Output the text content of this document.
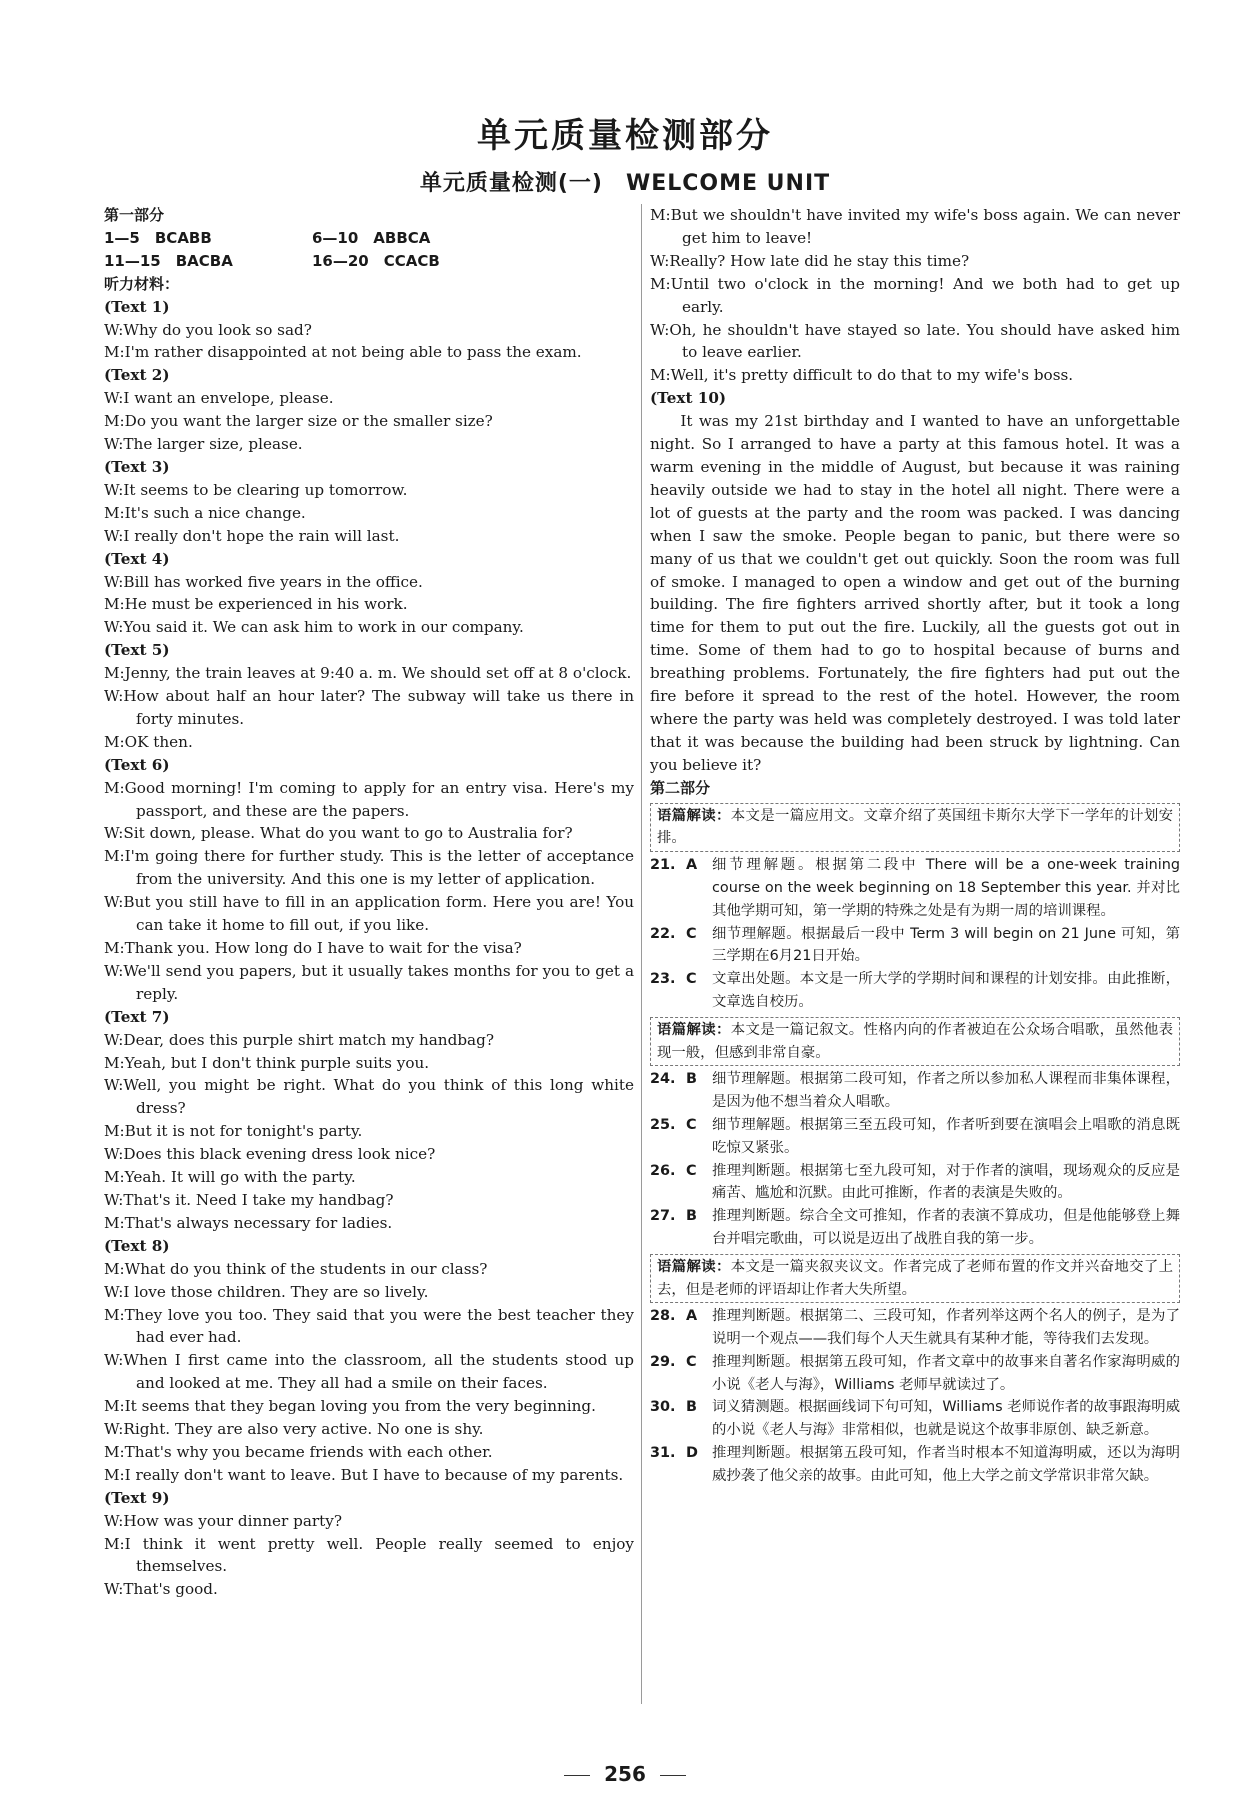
单元质量检测部分
单元质量检测(一)　WELCOME UNIT
第一部分
1—5　BCABB	6—10　ABBCA
11—15　BACBA	16—20　CCACB
听力材料：
(Text 1)
W:Why do you look so sad?
M:I'm rather disappointed at not being able to pass the exam.
(Text 2)
W:I want an envelope, please.
M:Do you want the larger size or the smaller size?
W:The larger size, please.
(Text 3)
W:It seems to be clearing up tomorrow.
M:It's such a nice change.
W:I really don't hope the rain will last.
(Text 4)
W:Bill has worked five years in the office.
M:He must be experienced in his work.
W:You said it. We can ask him to work in our company.
(Text 5)
M:Jenny, the train leaves at 9:40 a. m. We should set off at 8 o'clock.
W:How about half an hour later? The subway will take us there in forty minutes.
M:OK then.
(Text 6)
M:Good morning! I'm coming to apply for an entry visa. Here's my passport, and these are the papers.
W:Sit down, please. What do you want to go to Australia for?
M:I'm going there for further study. This is the letter of acceptance from the university. And this one is my letter of application.
W:But you still have to fill in an application form. Here you are! You can take it home to fill out, if you like.
M:Thank you. How long do I have to wait for the visa?
W:We'll send you papers, but it usually takes months for you to get a reply.
(Text 7)
W:Dear, does this purple shirt match my handbag?
M:Yeah, but I don't think purple suits you.
W:Well, you might be right. What do you think of this long white dress?
M:But it is not for tonight's party.
W:Does this black evening dress look nice?
M:Yeah. It will go with the party.
W:That's it. Need I take my handbag?
M:That's always necessary for ladies.
(Text 8)
M:What do you think of the students in our class?
W:I love those children. They are so lively.
M:They love you too. They said that you were the best teacher they had ever had.
W:When I first came into the classroom, all the students stood up and looked at me. They all had a smile on their faces.
M:It seems that they began loving you from the very beginning.
W:Right. They are also very active. No one is shy.
M:That's why you became friends with each other.
M:I really don't want to leave. But I have to because of my parents.
(Text 9)
W:How was your dinner party?
M:I think it went pretty well. People really seemed to enjoy themselves.
W:That's good.
M:But we shouldn't have invited my wife's boss again. We can never get him to leave!
W:Really? How late did he stay this time?
M:Until two o'clock in the morning! And we both had to get up early.
W:Oh, he shouldn't have stayed so late. You should have asked him to leave earlier.
M:Well, it's pretty difficult to do that to my wife's boss.
(Text 10)
It was my 21st birthday and I wanted to have an unforgettable night. So I arranged to have a party at this famous hotel. It was a warm evening in the middle of August, but because it was raining heavily outside we had to stay in the hotel all night. There were a lot of guests at the party and the room was packed. I was dancing when I saw the smoke. People began to panic, but there were so many of us that we couldn't get out quickly. Soon the room was full of smoke. I managed to open a window and get out of the burning building. The fire fighters arrived shortly after, but it took a long time for them to put out the fire. Luckily, all the guests got out in time. Some of them had to go to hospital because of burns and breathing problems. Fortunately, the fire fighters had put out the fire before it spread to the rest of the hotel. However, the room where the party was held was completely destroyed. I was told later that it was because the building had been struck by lightning. Can you believe it?
第二部分
语篇解读：本文是一篇应用文。文章介绍了英国纽卡斯尔大学下一学年的计划安排。
21. A	细节理解题。根据第二段中 There will be a one-week training course on the week beginning on 18 September this year. 并对比其他学期可知，第一学期的特殊之处是有为期一周的培训课程。
22. C	细节理解题。根据最后一段中 Term 3 will begin on 21 June 可知，第三学期在6月21日开始。
23. C	文章出处题。本文是一所大学的学期时间和课程的计划安排。由此推断，文章选自校历。
语篇解读：本文是一篇记叙文。性格内向的作者被迫在公众场合唱歌，虽然他表现一般，但感到非常自豪。
24. B	细节理解题。根据第二段可知，作者之所以参加私人课程而非集体课程，是因为他不想当着众人唱歌。
25. C	细节理解题。根据第三至五段可知，作者听到要在演唱会上唱歌的消息既吃惊又紧张。
26. C	推理判断题。根据第七至九段可知，对于作者的演唱，现场观众的反应是痛苦、尴尬和沉默。由此可推断，作者的表演是失败的。
27. B	推理判断题。综合全文可推知，作者的表演不算成功，但是他能够登上舞台并唱完歌曲，可以说是迈出了战胜自我的第一步。
语篇解读：本文是一篇夹叙夹议文。作者完成了老师布置的作文并兴奋地交了上去，但是老师的评语却让作者大失所望。
28. A	推理判断题。根据第二、三段可知，作者列举这两个名人的例子，是为了说明一个观点——我们每个人天生就具有某种才能，等待我们去发现。
29. C	推理判断题。根据第五段可知，作者文章中的故事来自著名作家海明威的小说《老人与海》，Williams 老师早就读过了。
30. B	词义猜测题。根据画线词下句可知，Williams 老师说作者的故事跟海明威的小说《老人与海》非常相似，也就是说这个故事非原创、缺乏新意。
31. D 推理判断题。根据第五段可知，作者当时根本不知道海明威，还以为海明威抄袭了他父亲的故事。由此可知，他上大学之前文学常识非常欠缺。
256
